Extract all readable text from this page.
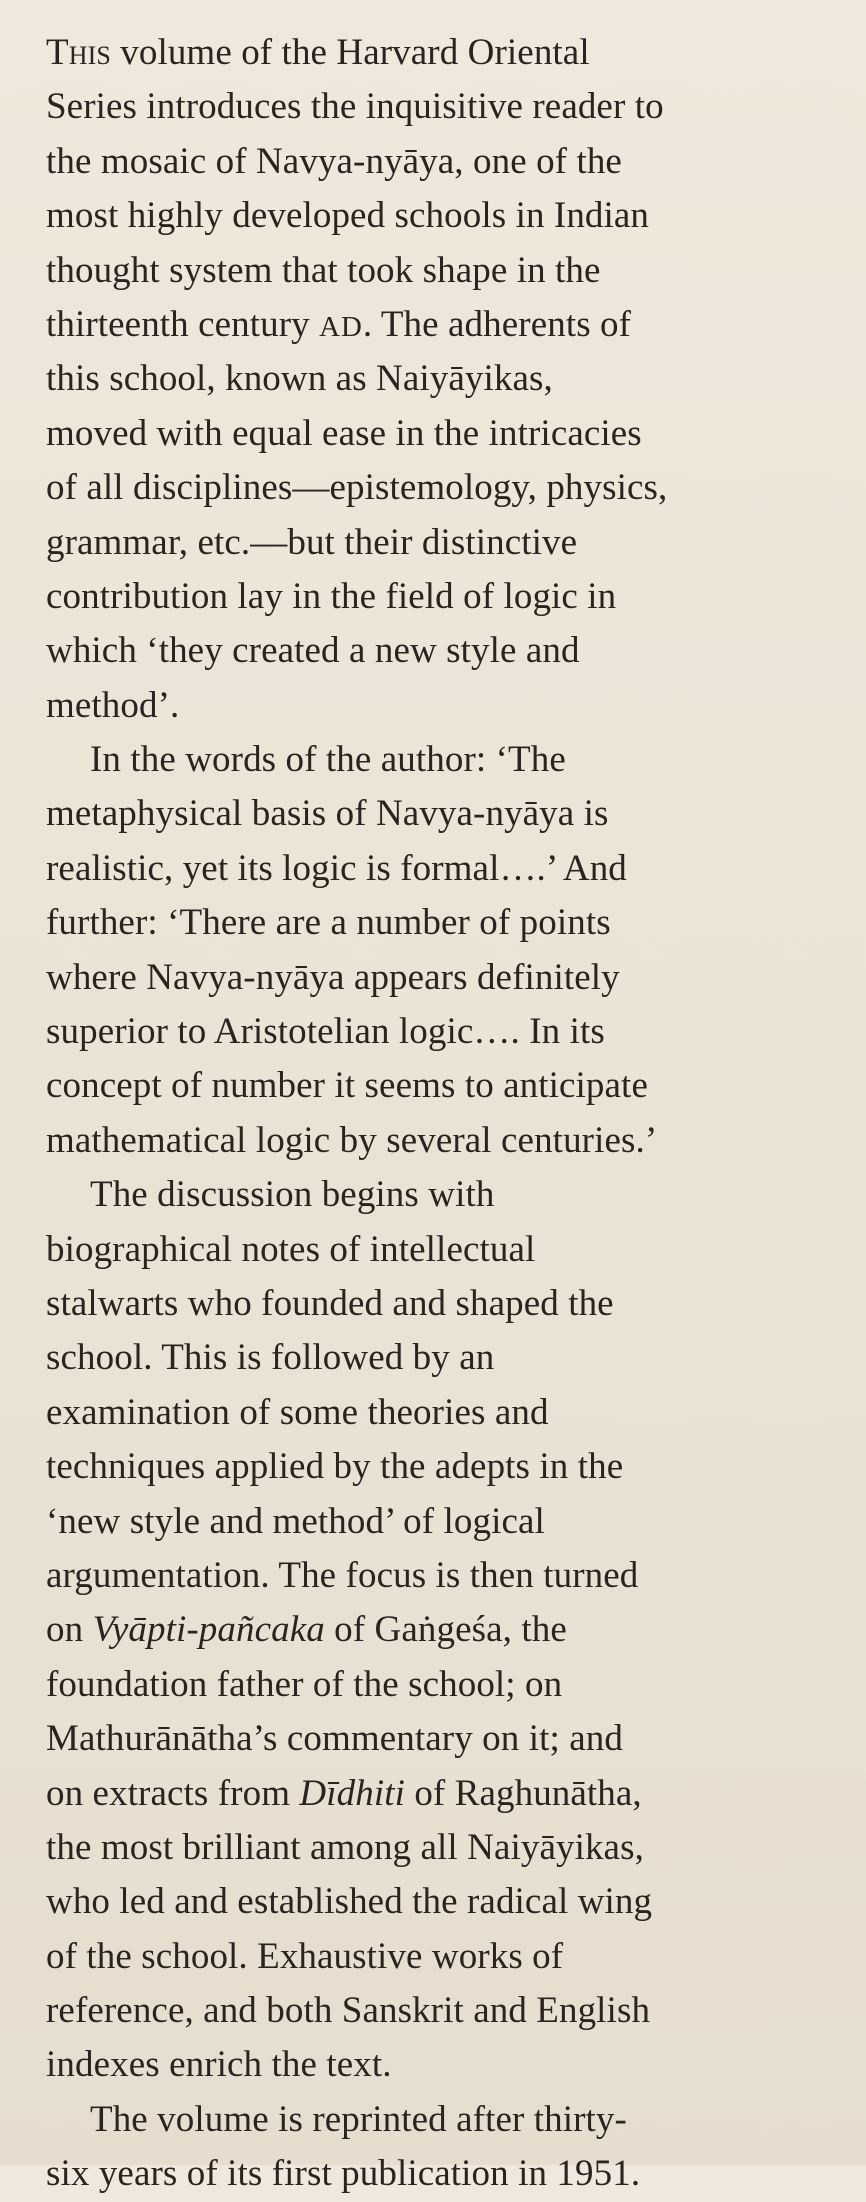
This volume of the Harvard Oriental
Series introduces the inquisitive reader to
the mosaic of Navya-nyāya, one of the
most highly developed schools in Indian
thought system that took shape in the
thirteenth century AD. The adherents of
this school, known as Naiyāyikas,
moved with equal ease in the intricacies
of all disciplines—epistemology, physics,
grammar, etc.—but their distinctive
contribution lay in the field of logic in
which ‘they created a new style and
method’.
In the words of the author: ‘The
metaphysical basis of Navya-nyāya is
realistic, yet its logic is formal….’ And
further: ‘There are a number of points
where Navya-nyāya appears definitely
superior to Aristotelian logic…. In its
concept of number it seems to anticipate
mathematical logic by several centuries.’
The discussion begins with
biographical notes of intellectual
stalwarts who founded and shaped the
school. This is followed by an
examination of some theories and
techniques applied by the adepts in the
‘new style and method’ of logical
argumentation. The focus is then turned
on Vyāpti-pañcaka of Gaṅgeśa, the
foundation father of the school; on
Mathurānātha’s commentary on it; and
on extracts from Dīdhiti of Raghunātha,
the most brilliant among all Naiyāyikas,
who led and established the radical wing
of the school. Exhaustive works of
reference, and both Sanskrit and English
indexes enrich the text.
The volume is reprinted after thirty-
six years of its first publication in 1951.
